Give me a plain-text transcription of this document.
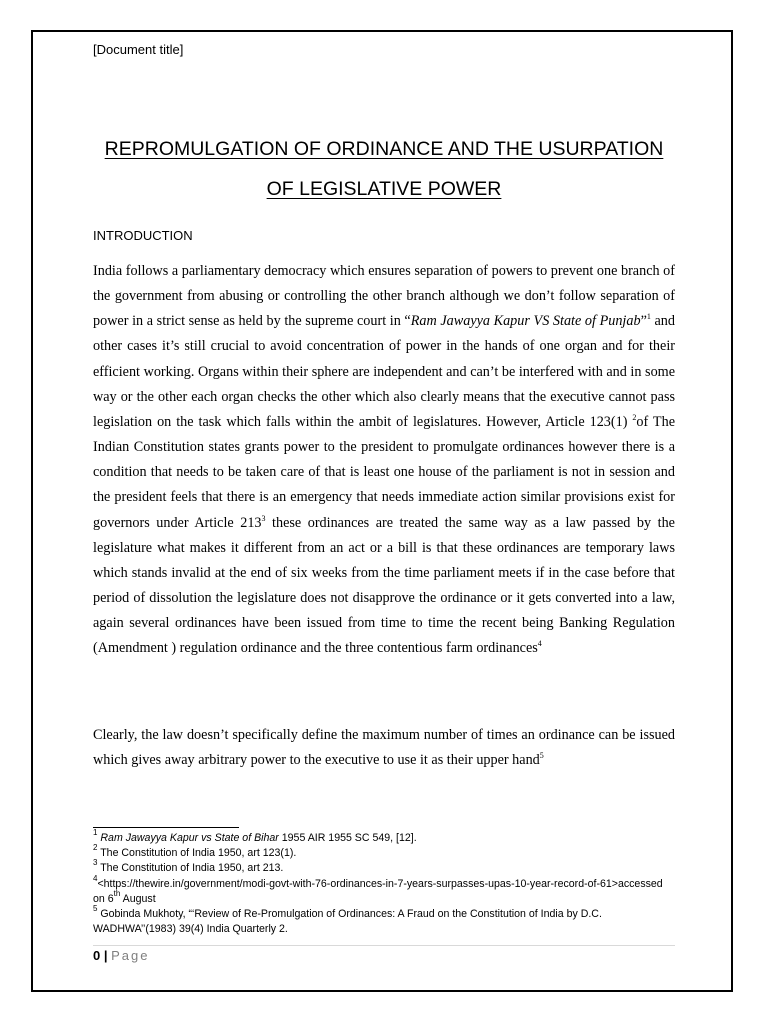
[Document title]
REPROMULGATION OF ORDINANCE AND THE USURPATION
OF LEGISLATIVE POWER
INTRODUCTION

India follows a parliamentary democracy which ensures separation of powers to prevent one branch of the government from abusing or controlling the other branch although we don’t follow separation of power in a strict sense as held by the supreme court in “Ram Jawayya Kapur VS State of Punjab”$^1$ and other cases it’s still crucial to avoid concentration of power in the hands of one organ and for their efficient working. Organs within their sphere are independent and can’t be interfered with and in some way or the other each organ checks the other which also clearly means that the executive cannot pass legislation on the task which falls within the ambit of legislatures. However, Article 123(1) $^2$of The Indian Constitution states grants power to the president to promulgate ordinances however there is a condition that needs to be taken care of that is least one house of the parliament is not in session and the president feels that there is an emergency that needs immediate action similar provisions exist for governors under Article $213^3$ these ordinances are treated the same way as a law passed by the legislature what makes it different from an act or a bill is that these ordinances are temporary laws which stands invalid at the end of six weeks from the time parliament meets if in the case before that period of dissolution the legislature does not disapprove the ordinance or it gets converted into a law, again several ordinances have been issued from time to time the recent being Banking Regulation (Amendment ) regulation ordinance and the three contentious farm ordinances$^4$

Clearly, the law doesn’t specifically define the maximum number of times an ordinance can be issued which gives away arbitrary power to the executive to use it as their upper hand$^5$

$^1$ Ram Jawayya Kapur vs State of Bihar 1955 AIR 1955 SC 549, [12].

$^2$ The Constitution of India 1950, art 123(1).

$^3$ The Constitution of India 1950, art 213.

$^4$<https://thewire.in/government/modi-govt-with-76-ordinances-in-7-years-surpasses-upas-10-year-record-of-61>accessed on 6th August

$^5$ Gobinda Mukhoty, “‘Review of Re-Promulgation of Ordinances: A Fraud on the Constitution of India by D.C. WADHWA’’(1983) 39(4) India Quarterly 2.

0 | Page
